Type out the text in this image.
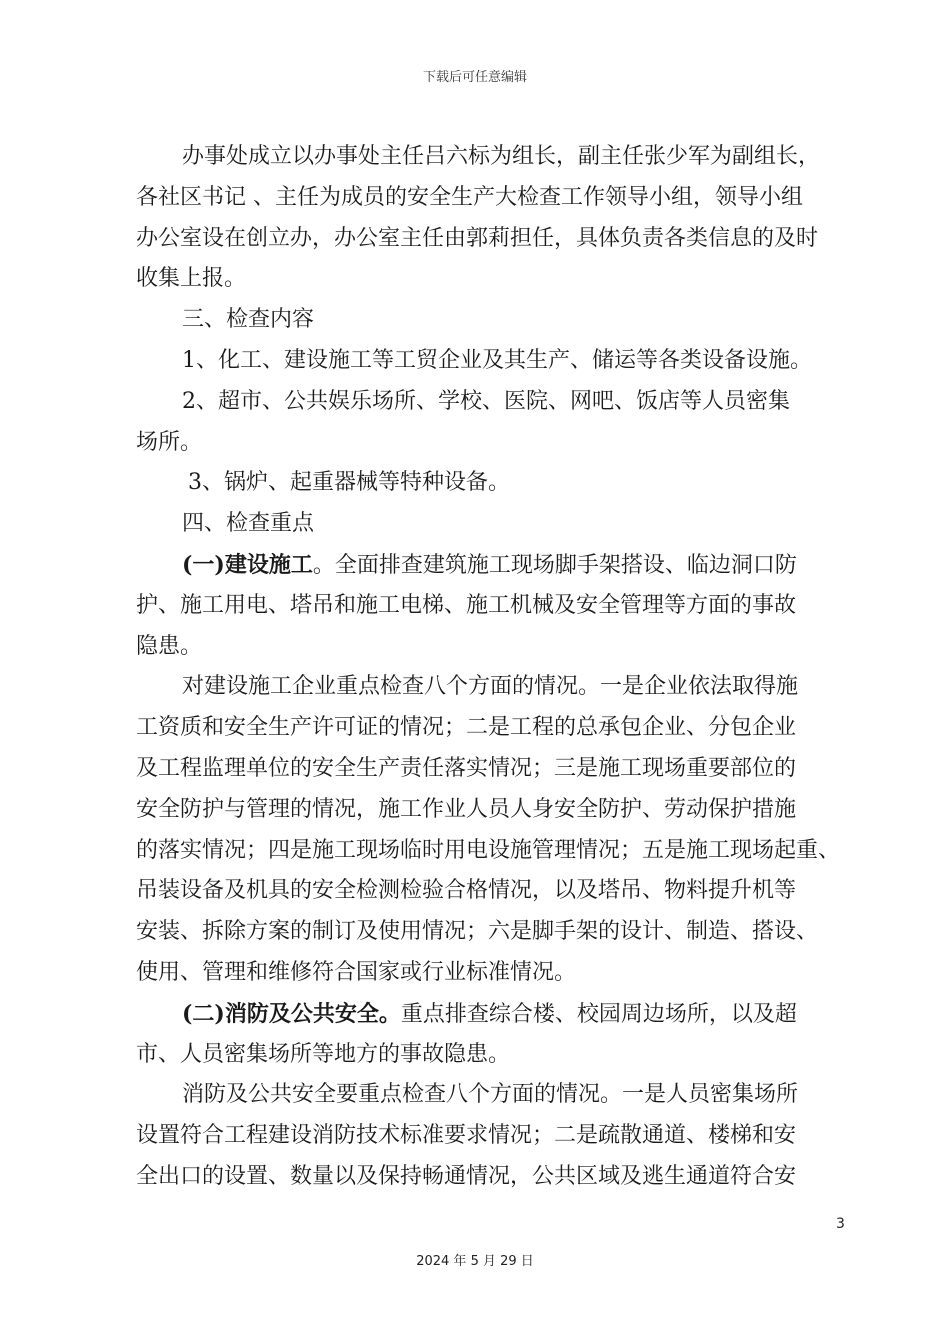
下载后可任意编辑
办事处成立以办事处主任吕六标为组长，副主任张少军为副组长，
各社区书记 、主任为成员的安全生产大检查工作领导小组，领导小组
办公室设在创立办，办公室主任由郭莉担任，具体负责各类信息的及时
收集上报。
三、检查内容
1、化工、建设施工等工贸企业及其生产、储运等各类设备设施。
2、超市、公共娱乐场所、学校、医院、网吧、饭店等人员密集
场所。
3、锅炉、起重器械等特种设备。
四、检查重点
(一)建设施工。全面排查建筑施工现场脚手架搭设、临边洞口防
护、施工用电、塔吊和施工电梯、施工机械及安全管理等方面的事故
隐患。
对建设施工企业重点检查八个方面的情况。一是企业依法取得施
工资质和安全生产许可证的情况；二是工程的总承包企业、分包企业
及工程监理单位的安全生产责任落实情况；三是施工现场重要部位的
安全防护与管理的情况，施工作业人员人身安全防护、劳动保护措施
的落实情况；四是施工现场临时用电设施管理情况；五是施工现场起重、
吊装设备及机具的安全检测检验合格情况，以及塔吊、物料提升机等
安装、拆除方案的制订及使用情况；六是脚手架的设计、制造、搭设、
使用、管理和维修符合国家或行业标准情况。
(二)消防及公共安全。重点排查综合楼、校园周边场所，以及超
市、人员密集场所等地方的事故隐患。
消防及公共安全要重点检查八个方面的情况。一是人员密集场所
设置符合工程建设消防技术标准要求情况；二是疏散通道、楼梯和安
全出口的设置、数量以及保持畅通情况，公共区域及逃生通道符合安
3
2024 年 5 月 29 日
